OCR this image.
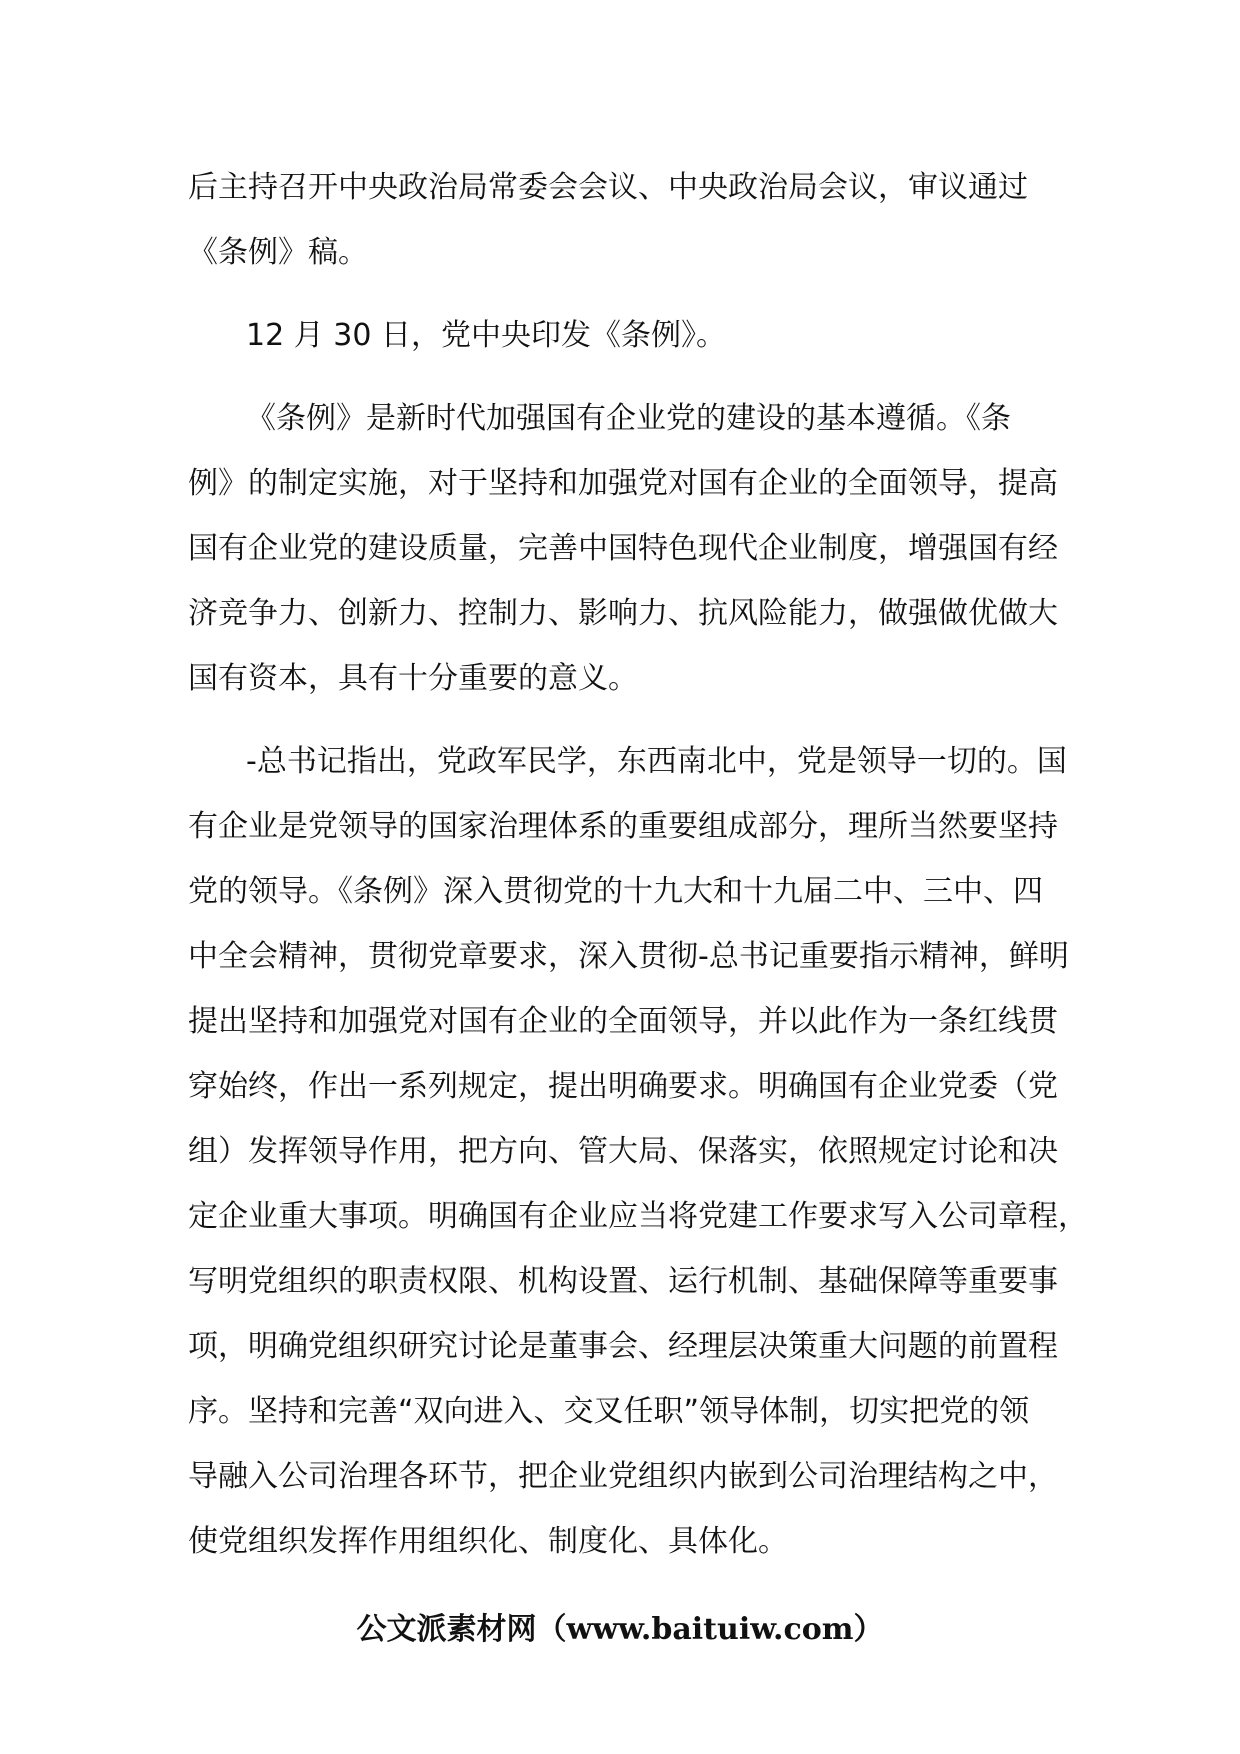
后主持召开中央政治局常委会会议、中央政治局会议，审议通过
《条例》稿。

12 月 30 日，党中央印发《条例》。

《条例》是新时代加强国有企业党的建设的基本遵循。《条
例》的制定实施，对于坚持和加强党对国有企业的全面领导，提高
国有企业党的建设质量，完善中国特色现代企业制度，增强国有经
济竞争力、创新力、控制力、影响力、抗风险能力，做强做优做大
国有资本，具有十分重要的意义。

-总书记指出，党政军民学，东西南北中，党是领导一切的。国
有企业是党领导的国家治理体系的重要组成部分，理所当然要坚持
党的领导。《条例》深入贯彻党的十九大和十九届二中、三中、四
中全会精神，贯彻党章要求，深入贯彻-总书记重要指示精神，鲜明
提出坚持和加强党对国有企业的全面领导，并以此作为一条红线贯
穿始终，作出一系列规定，提出明确要求。明确国有企业党委（党
组）发挥领导作用，把方向、管大局、保落实，依照规定讨论和决
定企业重大事项。明确国有企业应当将党建工作要求写入公司章程，
写明党组织的职责权限、机构设置、运行机制、基础保障等重要事
项，明确党组织研究讨论是董事会、经理层决策重大问题的前置程
序。坚持和完善“双向进入、交叉任职”领导体制，切实把党的领
导融入公司治理各环节，把企业党组织内嵌到公司治理结构之中，
使党组织发挥作用组织化、制度化、具体化。

公文派素材网（www.baituiw.com）
